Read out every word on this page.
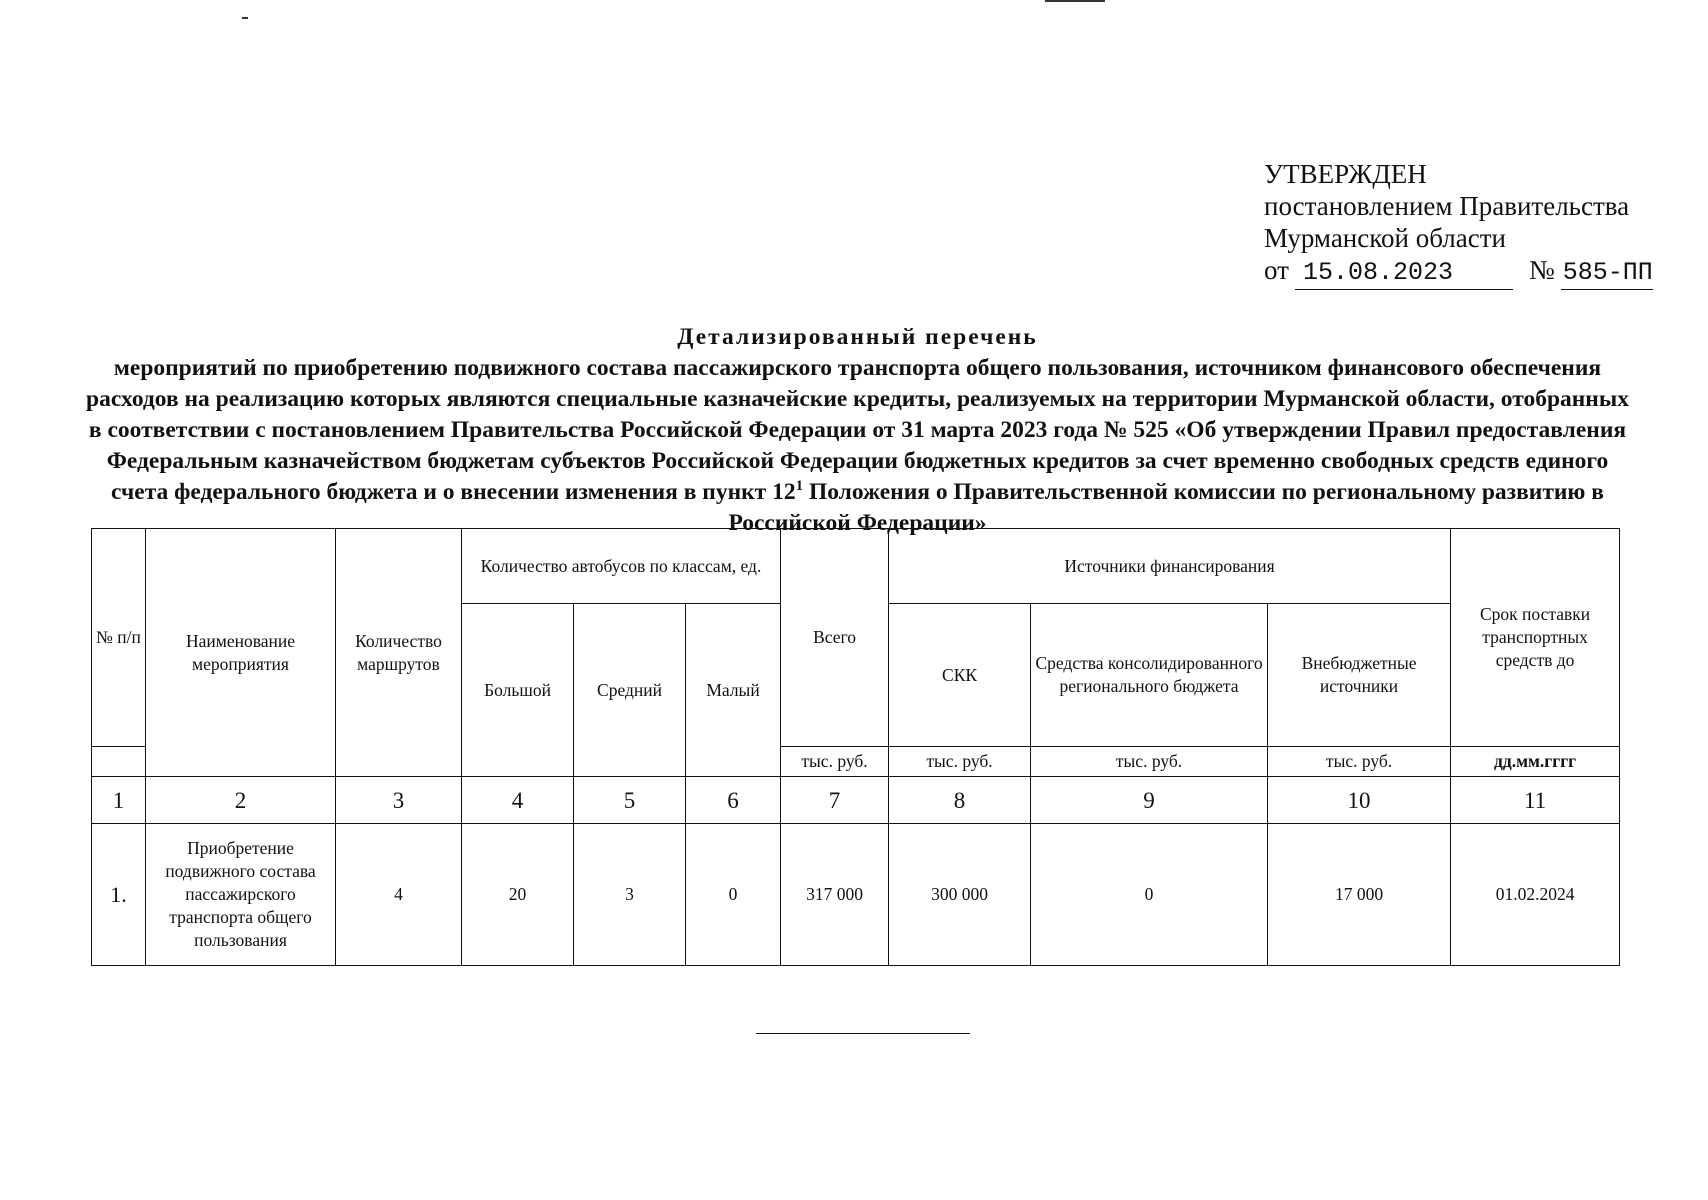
УТВЕРЖДЕН
постановлением Правительства
Мурманской области
от 15.08.2023	№ 585-ПП
Детализированный перечень
мероприятий по приобретению подвижного состава пассажирского транспорта общего пользования, источником финансового обеспечения расходов на реализацию которых являются специальные казначейские кредиты, реализуемых на территории Мурманской области, отобранных в соответствии с постановлением Правительства Российской Федерации от 31 марта 2023 года № 525 «Об утверждении Правил предоставления Федеральным казначейством бюджетам субъектов Российской Федерации бюджетных кредитов за счет временно свободных средств единого счета федерального бюджета и о внесении изменения в пункт $12^1$ Положения о Правительственной комиссии по региональному развитию в Российской Федерации»
№ п/п	Наименование мероприятия	Количество маршрутов	Количество автобусов по классам, ед.			Всего	Источники финансирования			Срок поставки транспортных средств до
			Большой	Средний	Малый		СКК	Средства консолидированного регионального бюджета	Внебюджетные источники	
						тыс. руб.	тыс. руб.	тыс. руб.	тыс. руб.	дд.мм.гггг
1	2	3	4	5	6	7	8	9	10	11
1.	Приобретение подвижного состава пассажирского транспорта общего пользования	4	20	3	0	317 000	300 000	0	17 000	01.02.2024
